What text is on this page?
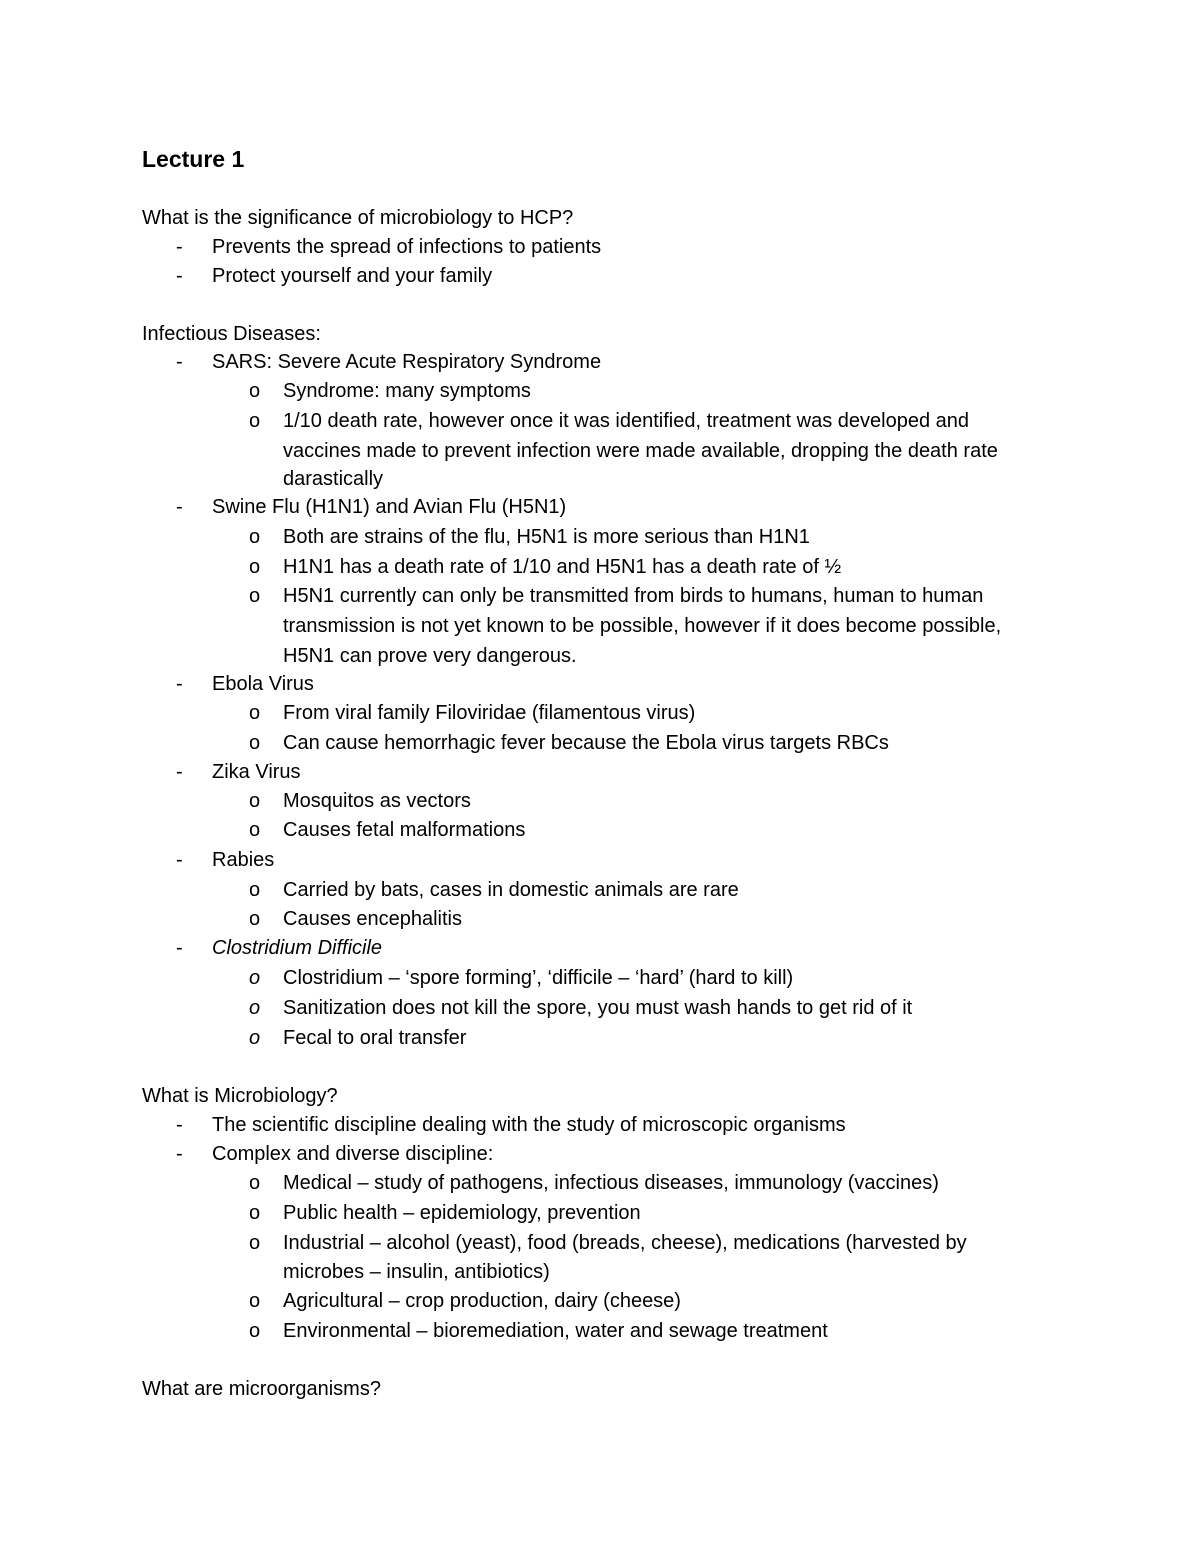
Lecture 1
What is the significance of microbiology to HCP?
- Prevents the spread of infections to patients
- Protect yourself and your family
Infectious Diseases:
- SARS: Severe Acute Respiratory Syndrome
o Syndrome: many symptoms
o 1/10 death rate, however once it was identified, treatment was developed and
vaccines made to prevent infection were made available, dropping the death rate
darastically
- Swine Flu (H1N1) and Avian Flu (H5N1)
o Both are strains of the flu, H5N1 is more serious than H1N1
o H1N1 has a death rate of 1/10 and H5N1 has a death rate of ½
o H5N1 currently can only be transmitted from birds to humans, human to human
transmission is not yet known to be possible, however if it does become possible,
H5N1 can prove very dangerous.
- Ebola Virus
o From viral family Filoviridae (filamentous virus)
o Can cause hemorrhagic fever because the Ebola virus targets RBCs
- Zika Virus
o Mosquitos as vectors
o Causes fetal malformations
- Rabies
o Carried by bats, cases in domestic animals are rare
o Causes encephalitis
- Clostridium Difficile
o Clostridium – ‘spore forming’, ‘difficile – ‘hard’ (hard to kill)
o Sanitization does not kill the spore, you must wash hands to get rid of it
o Fecal to oral transfer
What is Microbiology?
- The scientific discipline dealing with the study of microscopic organisms
- Complex and diverse discipline:
o Medical – study of pathogens, infectious diseases, immunology (vaccines)
o Public health – epidemiology, prevention
o Industrial – alcohol (yeast), food (breads, cheese), medications (harvested by
microbes – insulin, antibiotics)
o Agricultural – crop production, dairy (cheese)
o Environmental – bioremediation, water and sewage treatment
What are microorganisms?
